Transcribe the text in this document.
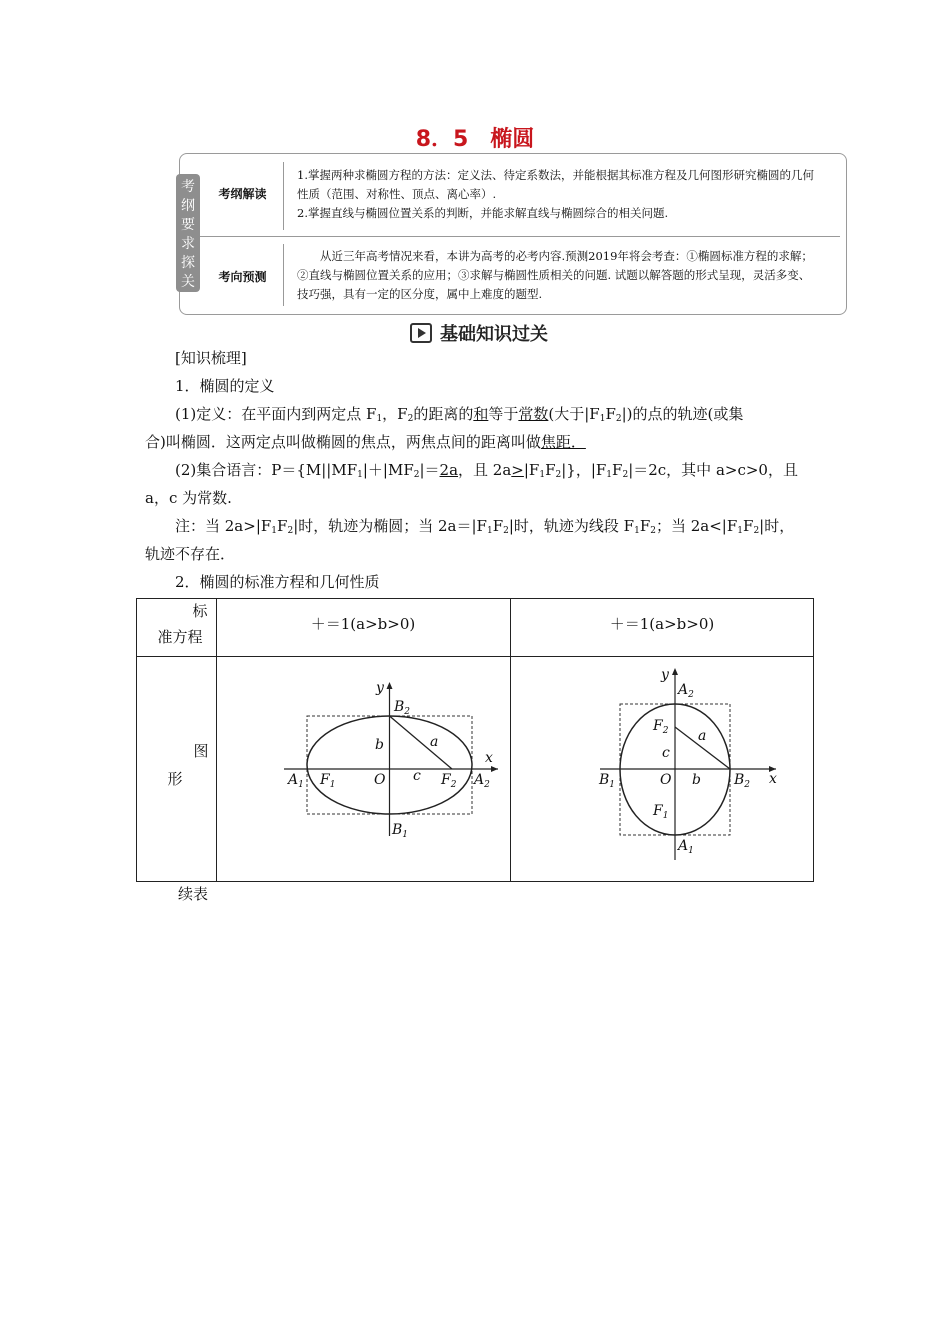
8．5　椭圆
考
纲
要
求
探
关
考纲解读
1.掌握两种求椭圆方程的方法：定义法、待定系数法，并能根据其标准方程及几何图形研究椭圆的几何
性质（范围、对称性、顶点、离心率）.
2.掌握直线与椭圆位置关系的判断，并能求解直线与椭圆综合的相关问题.
考向预测
从近三年高考情况来看，本讲为高考的必考内容.预测2019年将会考查：①椭圆标准方程的求解；
②直线与椭圆位置关系的应用；③求解与椭圆性质相关的问题. 试题以解答题的形式呈现，灵活多变、
技巧强，具有一定的区分度，属中上难度的题型.
基础知识过关
[知识梳理]
1．椭圆的定义
(1)定义：在平面内到两定点 $F_1$，$F_2$的距离的和等于常数(大于$|F_1F_2|$)的点的轨迹(或集
合)叫椭圆．这两定点叫做椭圆的焦点，两焦点间的距离叫做焦距．
(2)集合语言：$P=\{M||MF_1|+|MF_2|=2a$，且 $2a>|F_1F_2|$}，$|F_1F_2|=2c$，其中 a>c>0，且
a，c 为常数.
注：当 $2a>|F_1F_2|$时，轨迹为椭圆；当 $2a=|F_1F_2|$时，轨迹为线段 $F_1F_2$；当 $2a<|F_1F_2|$时，
轨迹不存在．
2．椭圆的标准方程和几何性质
标
准方程
＋＝1(a>b>0)	＋＝1(a>b>0)
图
形
y
x
$B_2$
$B_1$
$A_1$	$A_2$
$F_1$	$F_2$
O
a
b
c
y
x
$A_2$
$A_1$
$B_1$	$B_2$
$F_2$
$F_1$
O
a
b
c
续表
